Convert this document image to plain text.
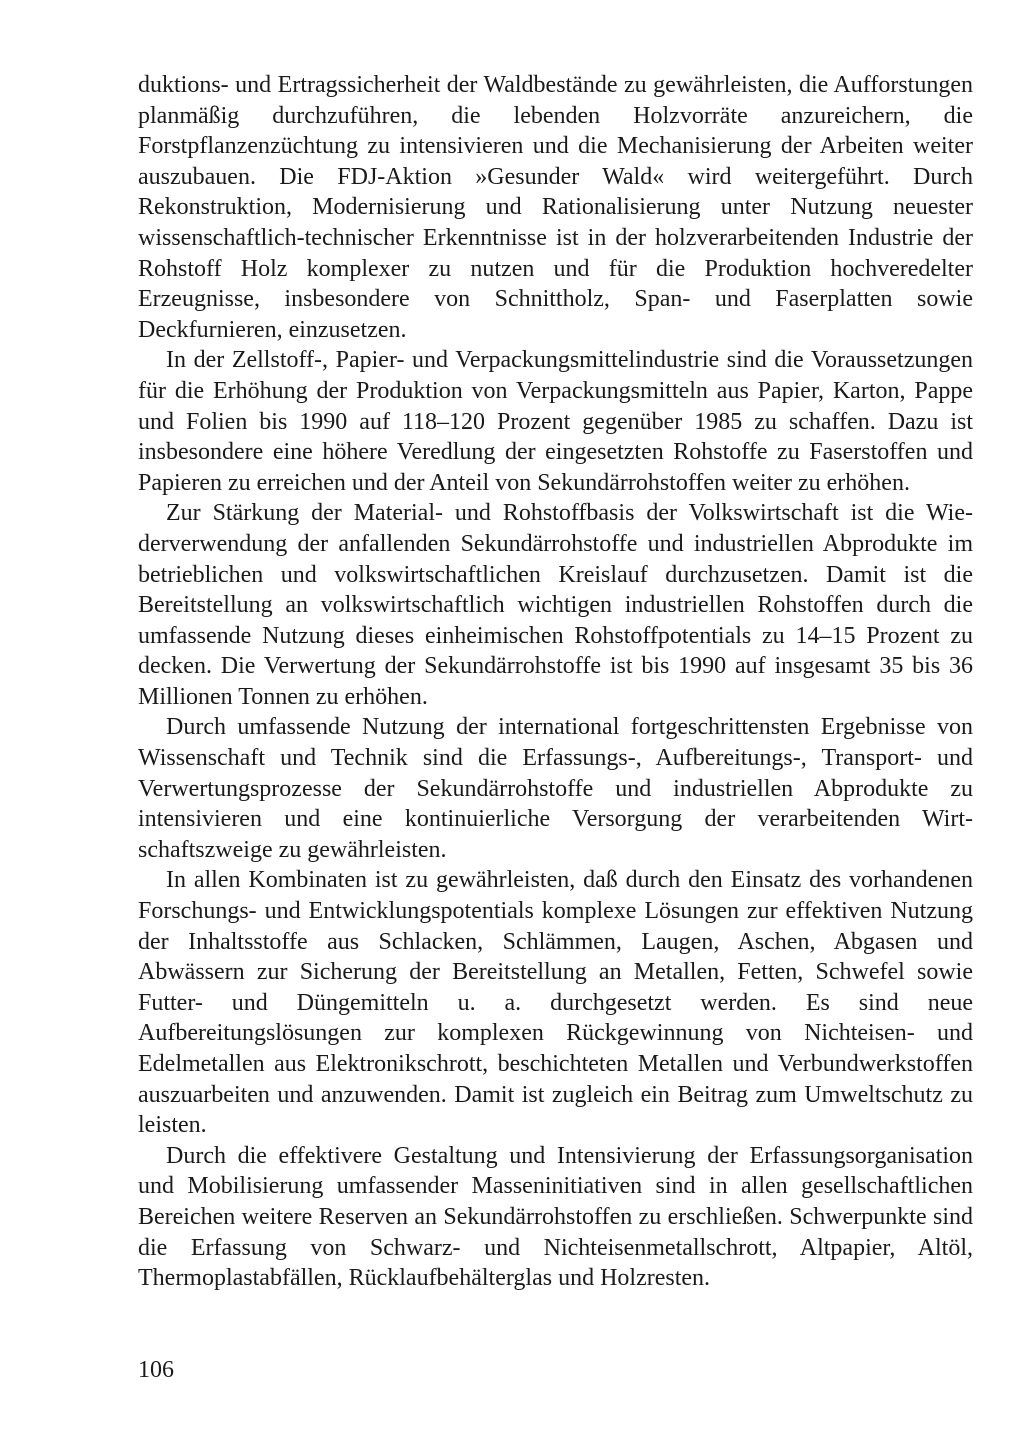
duktions- und Ertragssicherheit der Waldbestände zu gewährleisten, die Aufforstungen planmäßig durchzuführen, die lebenden Holzvorräte anzureichern, die Forstpflanzenzüchtung zu intensivieren und die Mechanisierung der Arbeiten weiter auszubauen. Die FDJ-Aktion »Gesunder Wald« wird weitergeführt. Durch Rekonstruktion, Modernisierung und Rationalisierung unter Nutzung neuester wissenschaftlich-technischer Erkenntnisse ist in der holzverarbeitenden Industrie der Rohstoff Holz komplexer zu nutzen und für die Produktion hochveredelter Erzeugnisse, insbesondere von Schnittholz, Span- und Faserplatten sowie Deckfurnieren, einzusetzen.

In der Zellstoff-, Papier- und Verpackungsmittelindustrie sind die Voraussetzungen für die Erhöhung der Produktion von Verpackungsmitteln aus Papier, Karton, Pappe und Folien bis 1990 auf 118–120 Prozent gegenüber 1985 zu schaffen. Dazu ist insbesondere eine höhere Veredlung der eingesetzten Rohstoffe zu Faserstoffen und Papieren zu erreichen und der Anteil von Sekundärrohstoffen weiter zu erhöhen.

Zur Stärkung der Material- und Rohstoffbasis der Volkswirtschaft ist die Wiederverwendung der anfallenden Sekundärrohstoffe und industriellen Abprodukte im betrieblichen und volkswirtschaftlichen Kreislauf durchzusetzen. Damit ist die Bereitstellung an volkswirtschaftlich wichtigen industriellen Rohstoffen durch die umfassende Nutzung dieses einheimischen Rohstoffpotentials zu 14–15 Prozent zu decken. Die Verwertung der Sekundärrohstoffe ist bis 1990 auf insgesamt 35 bis 36 Millionen Tonnen zu erhöhen.

Durch umfassende Nutzung der international fortgeschrittensten Ergebnisse von Wissenschaft und Technik sind die Erfassungs-, Aufbereitungs-, Transport- und Verwertungsprozesse der Sekundärrohstoffe und industriellen Abprodukte zu intensivieren und eine kontinuierliche Versorgung der verarbeitenden Wirtschaftszweige zu gewährleisten.

In allen Kombinaten ist zu gewährleisten, daß durch den Einsatz des vorhandenen Forschungs- und Entwicklungspotentials komplexe Lösungen zur effektiven Nutzung der Inhaltsstoffe aus Schlacken, Schlämmen, Laugen, Aschen, Abgasen und Abwässern zur Sicherung der Bereitstellung an Metallen, Fetten, Schwefel sowie Futter- und Düngemitteln u. a. durchgesetzt werden. Es sind neue Aufbereitungslösungen zur komplexen Rückgewinnung von Nichteisen- und Edelmetallen aus Elektronikschrott, beschichteten Metallen und Verbundwerkstoffen auszuarbeiten und anzuwenden. Damit ist zugleich ein Beitrag zum Umweltschutz zu leisten.

Durch die effektivere Gestaltung und Intensivierung der Erfassungsorganisation und Mobilisierung umfassender Masseninitiativen sind in allen gesellschaftlichen Bereichen weitere Reserven an Sekundärrohstoffen zu erschließen. Schwerpunkte sind die Erfassung von Schwarz- und Nichteisenmetallschrott, Altpapier, Altöl, Thermoplastabfällen, Rücklaufbehälterglas und Holzresten.

106
